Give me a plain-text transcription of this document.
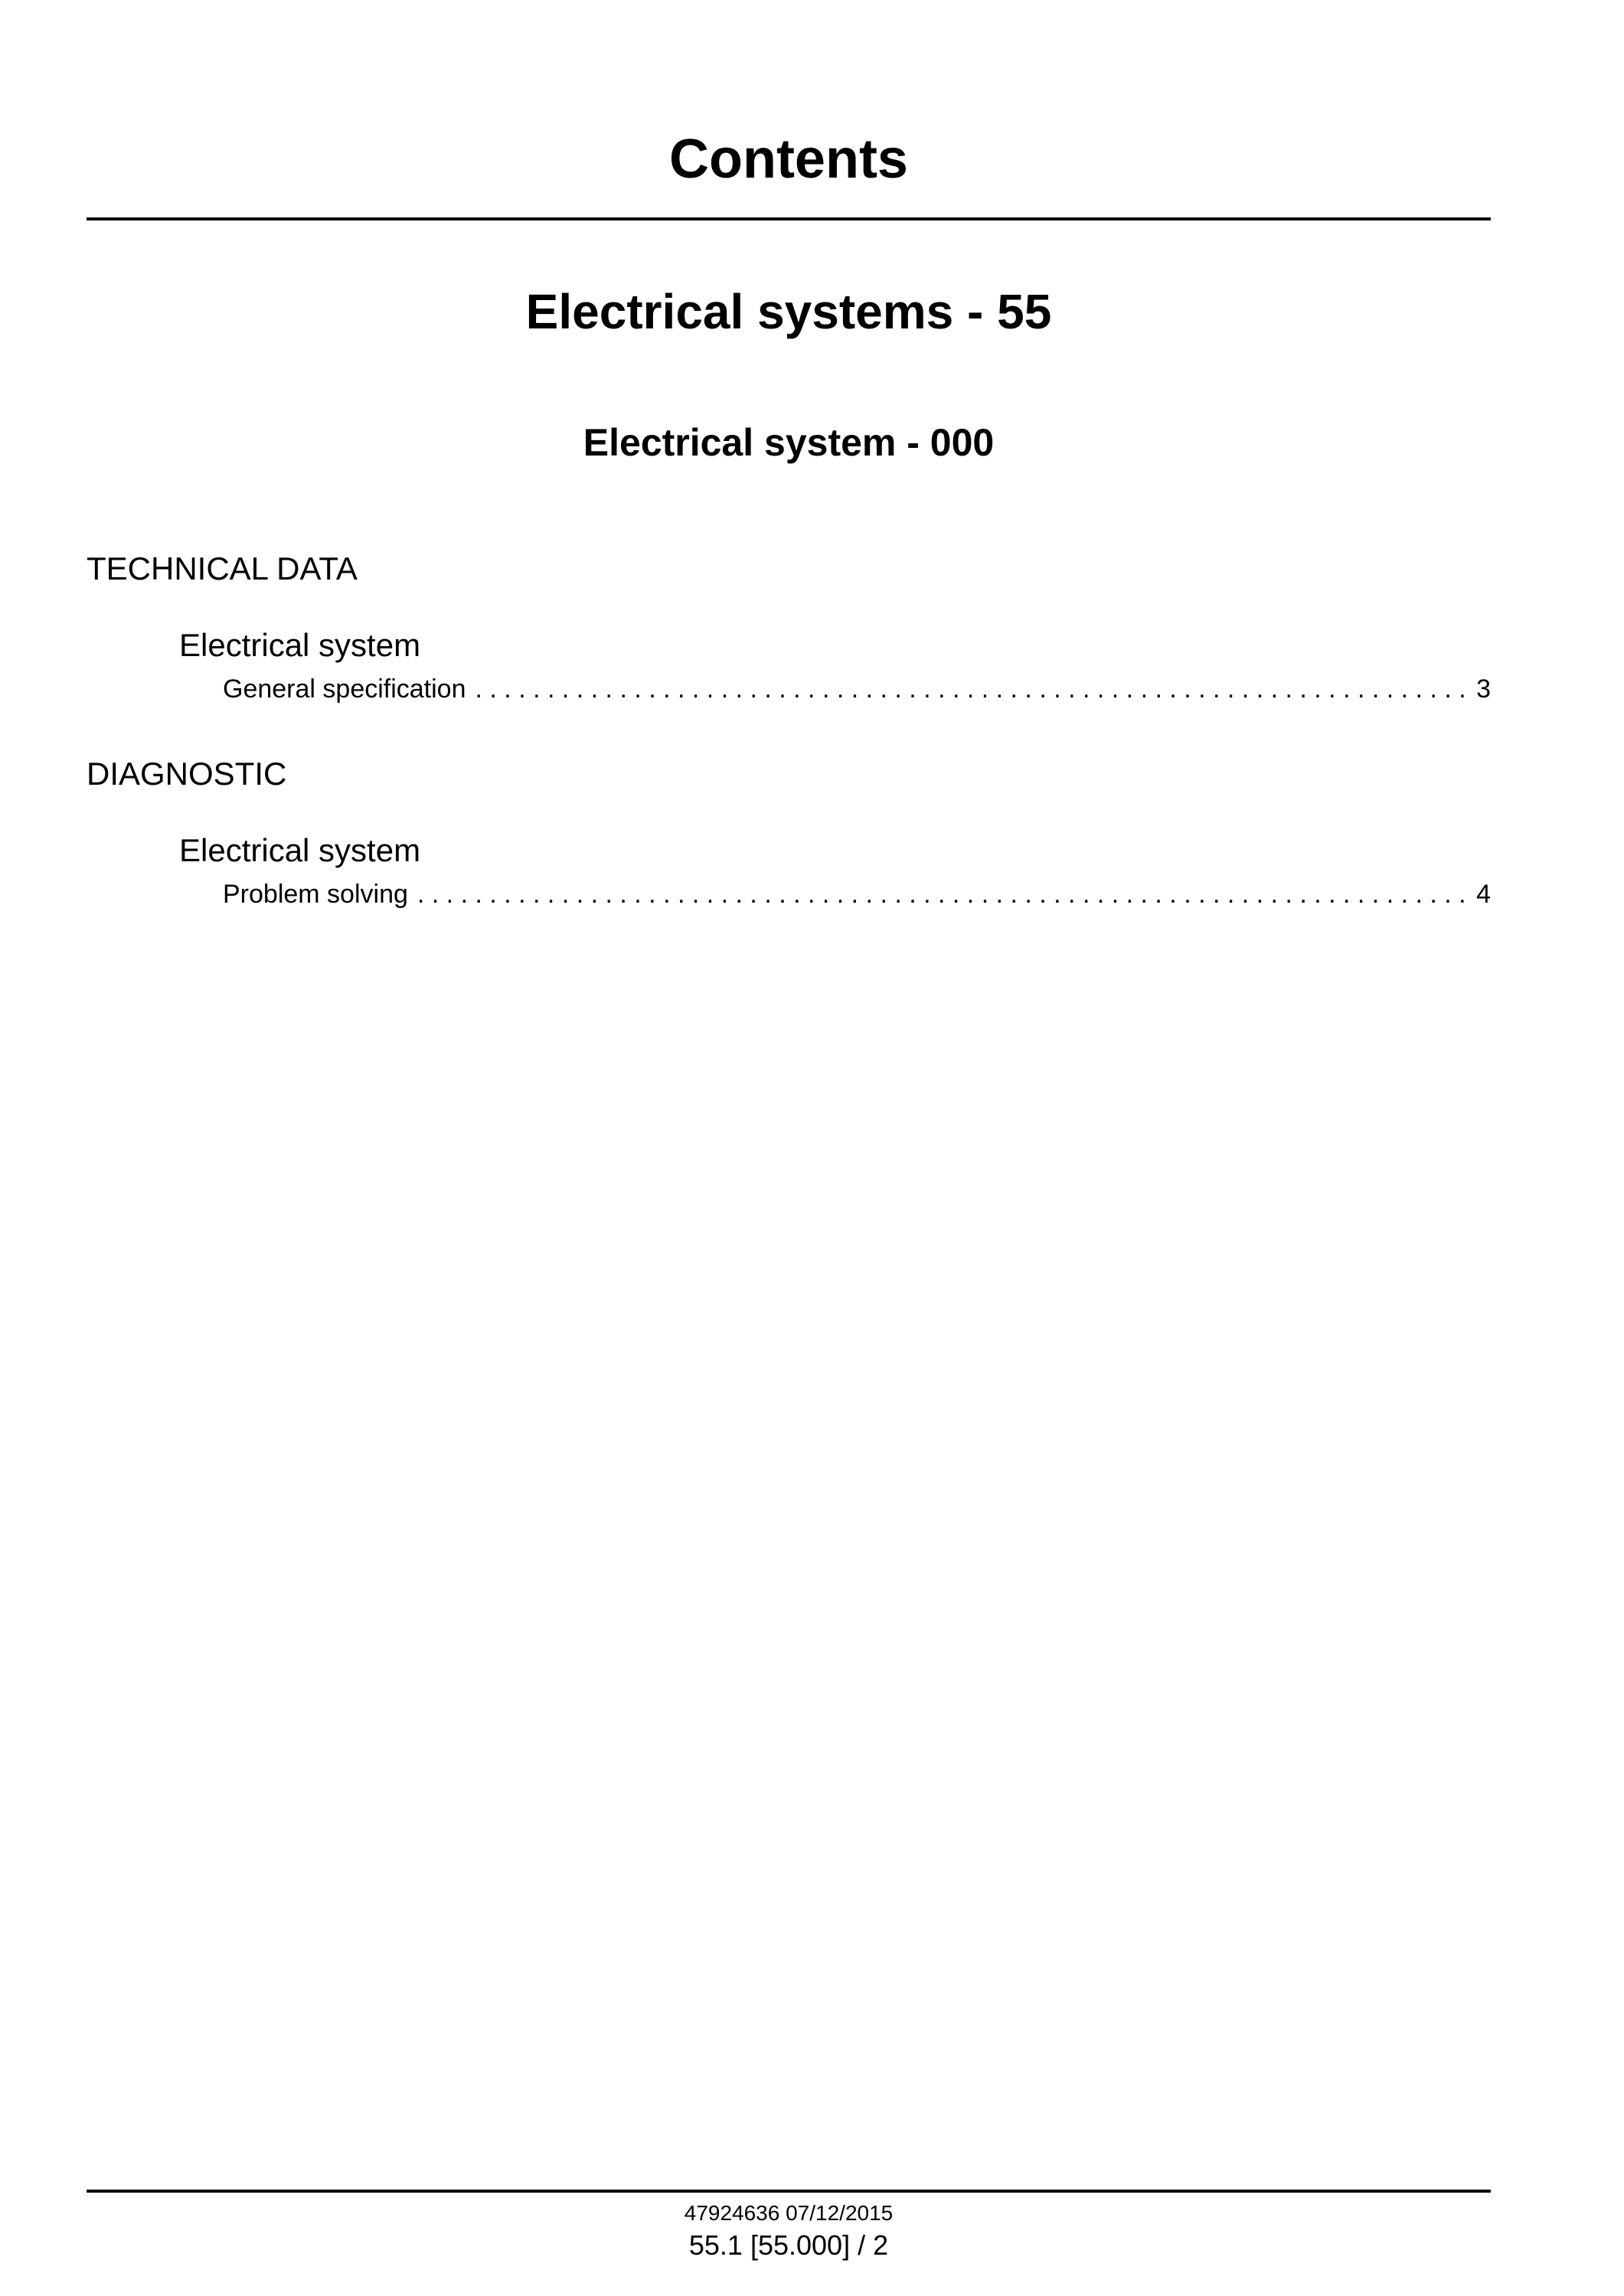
Contents
Electrical systems - 55
Electrical system - 000
TECHNICAL DATA
Electrical system
General specification . . .	3
DIAGNOSTIC
Electrical system
Problem solving . . .	4
47924636 07/12/2015
55.1 [55.000] / 2
